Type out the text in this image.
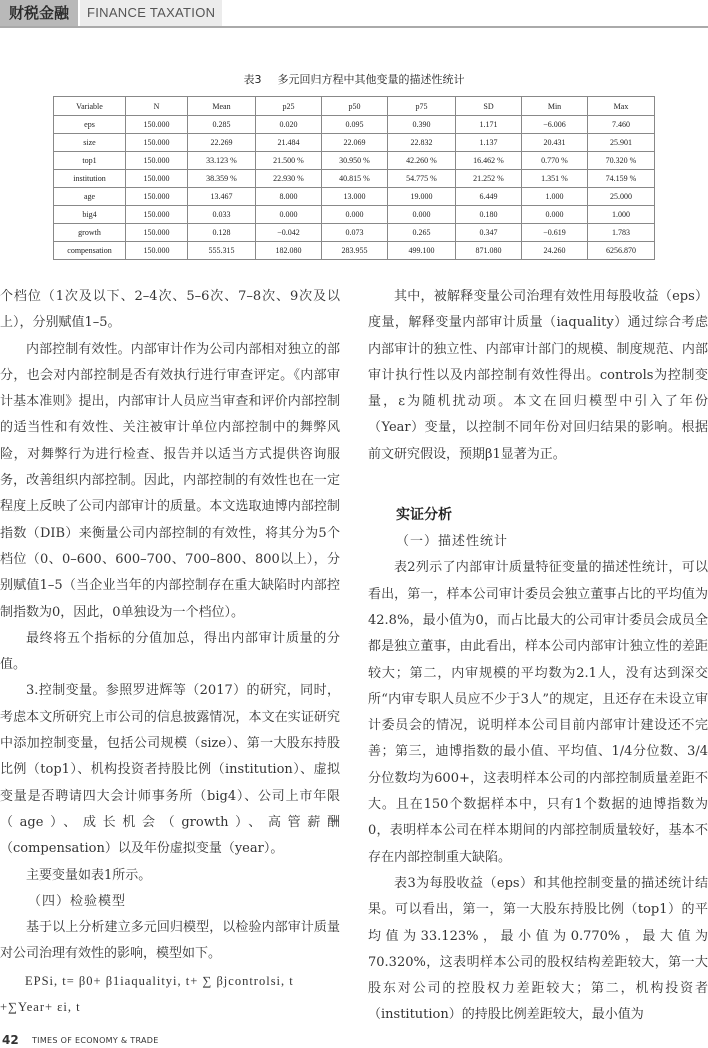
财税金融	FINANCE TAXATION
表3 多元回归方程中其他变量的描述性统计
Variable	N	Mean	p25	p50	p75	SD	Min	Max
eps	150.000	0.285	0.020	0.095	0.390	1.171	−6.006	7.460
size	150.000	22.269	21.484	22.069	22.832	1.137	20.431	25.901
top1	150.000	33.123 %	21.500 %	30.950 %	42.260 %	16.462 %	0.770 %	70.320 %
institution	150.000	38.359 %	22.930 %	40.815 %	54.775 %	21.252 %	1.351 %	74.159 %
age	150.000	13.467	8.000	13.000	19.000	6.449	1.000	25.000
big4	150.000	0.033	0.000	0.000	0.000	0.180	0.000	1.000
growth	150.000	0.128	−0.042	0.073	0.265	0.347	−0.619	1.783
compensation	150.000	555.315	182.080	283.955	499.100	871.080	24.260	6256.870

个档位（1次及以下、2–4次、5–6次、7–8次、9次及以上），分别赋值1–5。

内部控制有效性。内部审计作为公司内部相对独立的部分，也会对内部控制是否有效执行进行审查评定。《内部审计基本准则》提出，内部审计人员应当审查和评价内部控制的适当性和有效性、关注被审计单位内部控制中的舞弊风险，对舞弊行为进行检查、报告并以适当方式提供咨询服务，改善组织内部控制。因此，内部控制的有效性也在一定程度上反映了公司内部审计的质量。本文选取迪博内部控制指数（DIB）来衡量公司内部控制的有效性，将其分为5个档位（0、0–600、600–700、700–800、800以上），分别赋值1–5（当企业当年的内部控制存在重大缺陷时内部控制指数为0，因此，0单独设为一个档位）。

最终将五个指标的分值加总，得出内部审计质量的分值。

3.控制变量。参照罗进辉等（2017）的研究，同时，考虑本文所研究上市公司的信息披露情况，本文在实证研究中添加控制变量，包括公司规模（size）、第一大股东持股比例（top1）、机构投资者持股比例（institution）、虚拟变量是否聘请四大会计师事务所（big4）、公司上市年限（age）、成长机会（growth）、高管薪酬（compensation）以及年份虚拟变量（year）。

主要变量如表1所示。

（四）检验模型

基于以上分析建立多元回归模型，以检验内部审计质量对公司治理有效性的影响，模型如下。

EPSi, t= β0+ β1iaqualityi, t+ ∑ βjcontrolsi, t

+∑Year+ εi, t

其中，被解释变量公司治理有效性用每股收益（eps）度量，解释变量内部审计质量（iaquality）通过综合考虑内部审计的独立性、内部审计部门的规模、制度规范、内部审计执行性以及内部控制有效性得出。controls为控制变量，ε为随机扰动项。本文在回归模型中引入了年份（Year）变量，以控制不同年份对回归结果的影响。根据前文研究假设，预期β1显著为正。

实证分析

（一）描述性统计

表2列示了内部审计质量特征变量的描述性统计，可以看出，第一，样本公司审计委员会独立董事占比的平均值为42.8%，最小值为0，而占比最大的公司审计委员会成员全都是独立董事，由此看出，样本公司内部审计独立性的差距较大；第二，内审规模的平均数为2.1人，没有达到深交所“内审专职人员应不少于3人”的规定，且还存在未设立审计委员会的情况，说明样本公司目前内部审计建设还不完善；第三，迪博指数的最小值、平均值、1/4分位数、3/4分位数均为600+，这表明样本公司的内部控制质量差距不大。且在150个数据样本中，只有1个数据的迪博指数为0，表明样本公司在样本期间的内部控制质量较好，基本不存在内部控制重大缺陷。

表3为每股收益（eps）和其他控制变量的描述统计结果。可以看出，第一，第一大股东持股比例（top1）的平均值为33.123%，最小值为0.770%，最大值为70.320%，这表明样本公司的股权结构差距较大，第一大股东对公司的控股权力差距较大；第二，机构投资者（institution）的持股比例差距较大，最小值为

42 TIMES OF ECONOMY & TRADE
